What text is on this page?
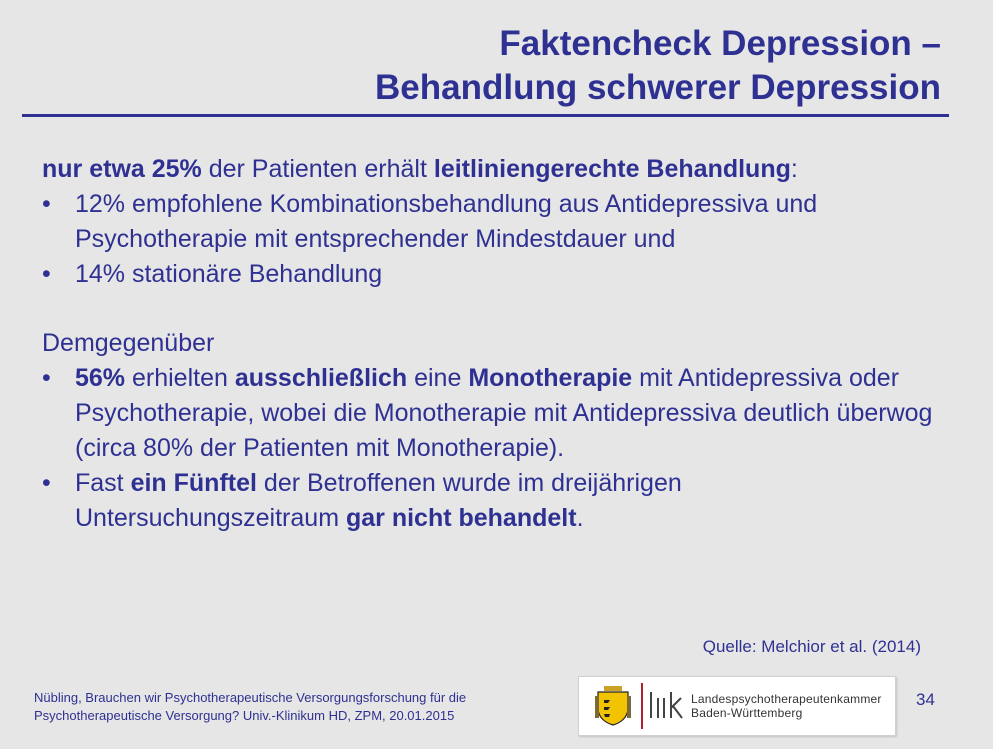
Faktencheck Depression –
Behandlung schwerer Depression

nur etwa 25% der Patienten erhält leitliniengerechte Behandlung:

• 12% empfohlene Kombinationsbehandlung aus Antidepressiva und Psychotherapie mit entsprechender Mindestdauer und
• 14% stationäre Behandlung

Demgegenüber

• 56% erhielten ausschließlich eine Monotherapie mit Antidepressiva oder Psychotherapie, wobei die Monotherapie mit Antidepressiva deutlich überwog (circa 80% der Patienten mit Monotherapie).
• Fast ein Fünftel der Betroffenen wurde im dreijährigen Untersuchungszeitraum gar nicht behandelt.
Quelle: Melchior et al. (2014)
Nübling, Brauchen wir Psychotherapeutische Versorgungsforschung für die
Psychotherapeutische Versorgung? Univ.-Klinikum HD, ZPM, 20.01.2015
Landespsychotherapeutenkammer
Baden-Württemberg
34
